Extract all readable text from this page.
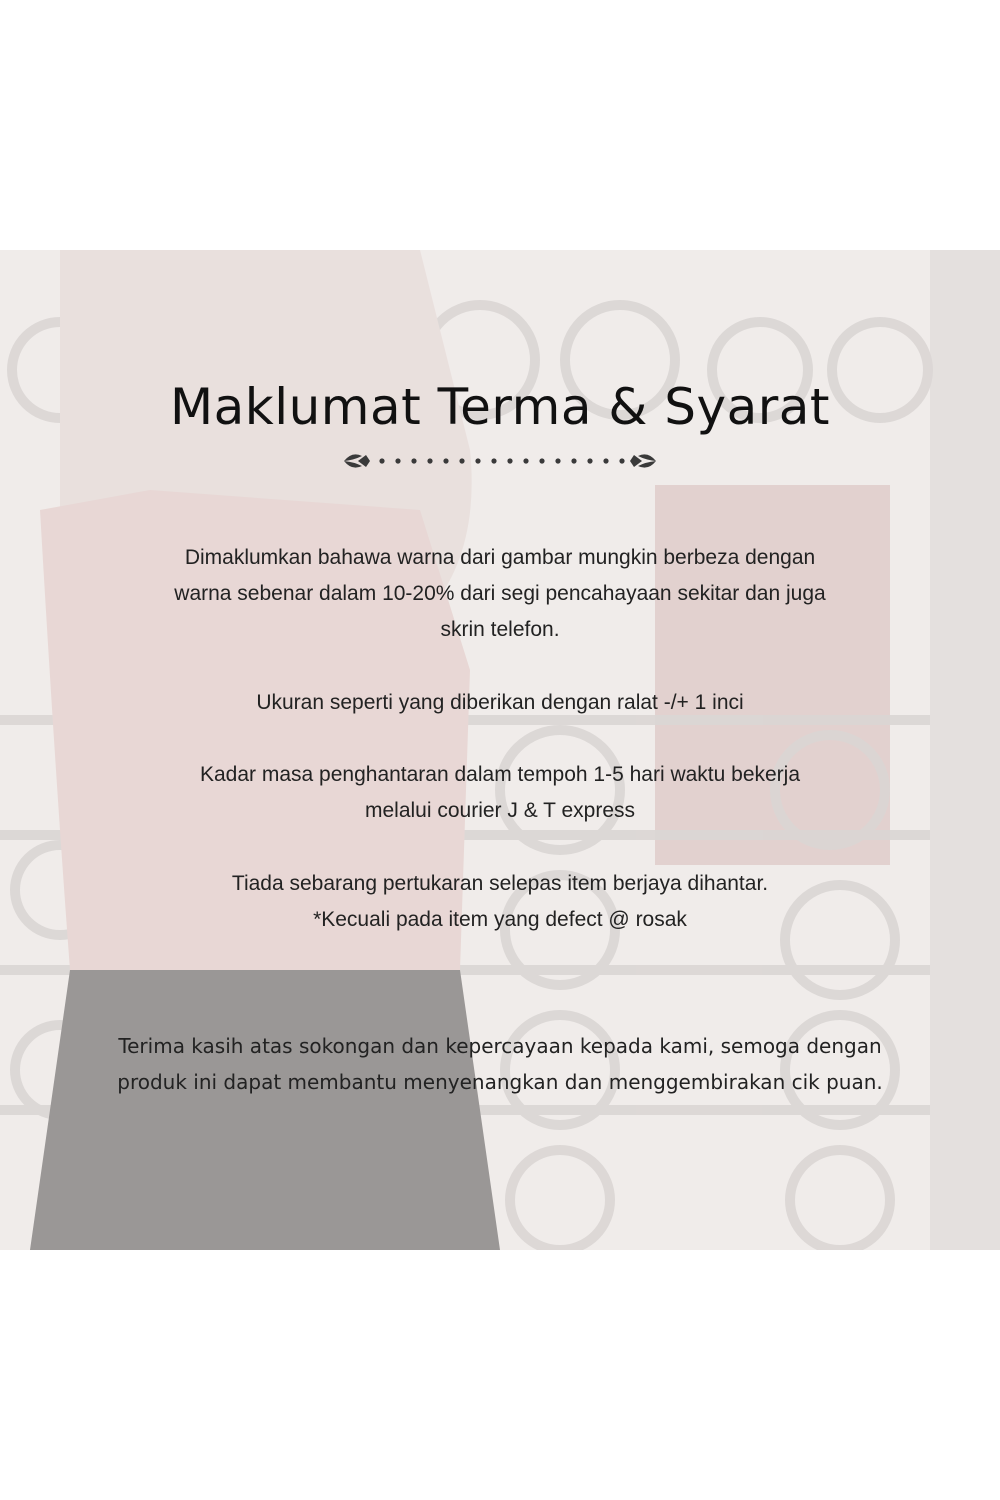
Maklumat Terma & Syarat

Dimaklumkan bahawa warna dari gambar mungkin berbeza dengan
warna sebenar dalam 10-20% dari segi pencahayaan sekitar dan juga
skrin telefon.

Ukuran seperti yang diberikan dengan ralat -/+ 1 inci

Kadar masa penghantaran dalam tempoh 1-5 hari waktu bekerja
melalui courier J & T express

Tiada sebarang pertukaran selepas item berjaya dihantar.
*Kecuali pada item yang defect @ rosak

Terima kasih atas sokongan dan kepercayaan kepada kami, semoga dengan
produk ini dapat membantu menyenangkan dan menggembirakan cik puan.
